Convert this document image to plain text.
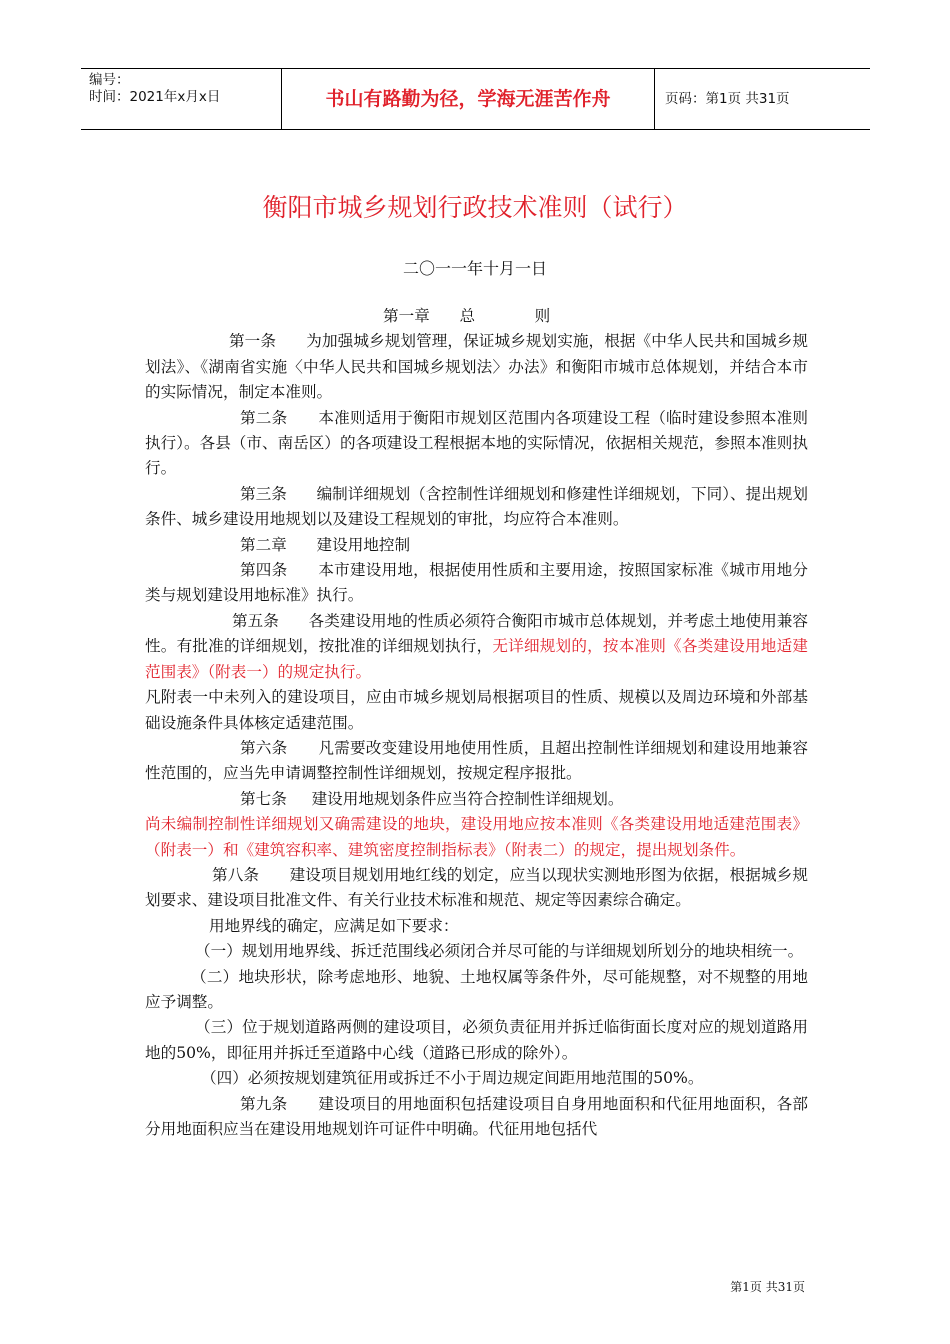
编号：
时间：2021年x月x日	书山有路勤为径，学海无涯苦作舟	页码：第1页 共31页
衡阳市城乡规划行政技术准则（试行）
二〇一一年十月一日

第一章      总            则

第一条      为加强城乡规划管理，保证城乡规划实施，根据《中华人民共和国城乡规划法》、《湖南省实施〈中华人民共和国城乡规划法〉办法》和衡阳市城市总体规划，并结合本市的实际情况，制定本准则。

第二条      本准则适用于衡阳市规划区范围内各项建设工程（临时建设参照本准则执行）。各县（市、南岳区）的各项建设工程根据本地的实际情况，依据相关规范，参照本准则执行。

第三条      编制详细规划（含控制性详细规划和修建性详细规划，下同）、提出规划条件、城乡建设用地规划以及建设工程规划的审批，均应符合本准则。

第二章      建设用地控制

第四条      本市建设用地，根据使用性质和主要用途，按照国家标准《城市用地分类与规划建设用地标准》执行。

第五条      各类建设用地的性质必须符合衡阳市城市总体规划，并考虑土地使用兼容性。有批准的详细规划，按批准的详细规划执行，无详细规划的，按本准则《各类建设用地适建范围表》（附表一）的规定执行。

凡附表一中未列入的建设项目，应由市城乡规划局根据项目的性质、规模以及周边环境和外部基础设施条件具体核定适建范围。

第六条      凡需要改变建设用地使用性质，且超出控制性详细规划和建设用地兼容性范围的，应当先申请调整控制性详细规划，按规定程序报批。

第七条     建设用地规划条件应当符合控制性详细规划。

尚未编制控制性详细规划又确需建设的地块，建设用地应按本准则《各类建设用地适建范围表》（附表一）和《建筑容积率、建筑密度控制指标表》（附表二）的规定，提出规划条件。

第八条      建设项目规划用地红线的划定，应当以现状实测地形图为依据，根据城乡规划要求、建设项目批准文件、有关行业技术标准和规范、规定等因素综合确定。

用地界线的确定，应满足如下要求：

（一）规划用地界线、拆迁范围线必须闭合并尽可能的与详细规划所划分的地块相统一。

（二）地块形状，除考虑地形、地貌、土地权属等条件外，尽可能规整，对不规整的用地应予调整。

（三）位于规划道路两侧的建设项目，必须负责征用并拆迁临街面长度对应的规划道路用地的50%，即征用并拆迁至道路中心线（道路已形成的除外）。

（四）必须按规划建筑征用或拆迁不小于周边规定间距用地范围的50%。

第九条      建设项目的用地面积包括建设项目自身用地面积和代征用地面积，各部分用地面积应当在建设用地规划许可证件中明确。代征用地包括代

第1页 共31页
